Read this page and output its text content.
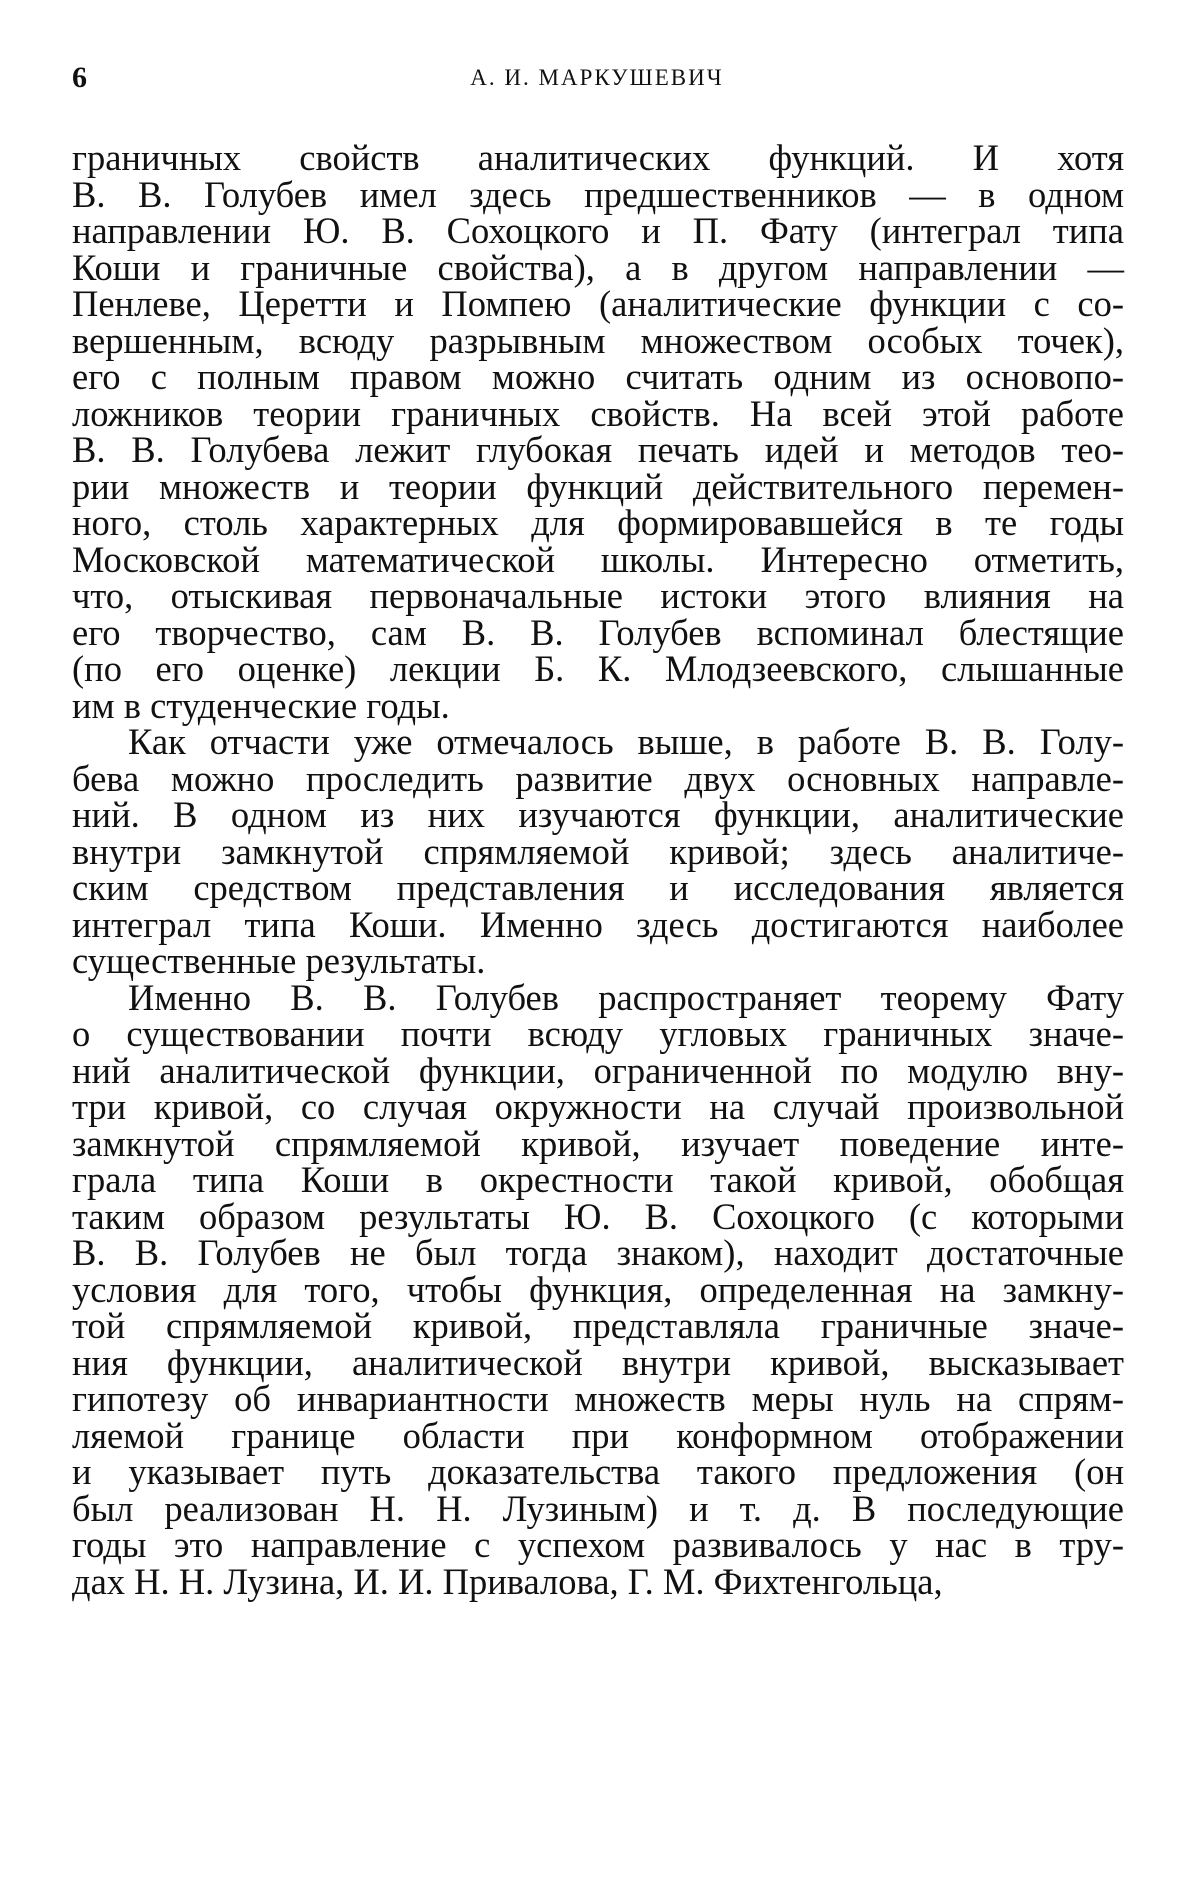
6	А. И. МАРКУШЕВИЧ
граничных свойств аналитических функций. И хотя
В. В. Голубев имел здесь предшественников — в одном
направлении Ю. В. Сохоцкого и П. Фату (интеграл типа
Коши и граничные свойства), а в другом направлении —
Пенлеве, Церетти и Помпею (аналитические функции с со-
вершенным, всюду разрывным множеством особых точек),
его с полным правом можно считать одним из основопо-
ложников теории граничных свойств. На всей этой работе
В. В. Голубева лежит глубокая печать идей и методов тео-
рии множеств и теории функций действительного перемен-
ного, столь характерных для формировавшейся в те годы
Московской математической школы. Интересно отметить,
что, отыскивая первоначальные истоки этого влияния на
его творчество, сам В. В. Голубев вспоминал блестящие
(по его оценке) лекции Б. К. Млодзеевского, слышанные
им в студенческие годы.
Как отчасти уже отмечалось выше, в работе В. В. Голу-
бева можно проследить развитие двух основных направле-
ний. В одном из них изучаются функции, аналитические
внутри замкнутой спрямляемой кривой; здесь аналитиче-
ским средством представления и исследования является
интеграл типа Коши. Именно здесь достигаются наиболее
существенные результаты.
Именно В. В. Голубев распространяет теорему Фату
о существовании почти всюду угловых граничных значе-
ний аналитической функции, ограниченной по модулю вну-
три кривой, со случая окружности на случай произвольной
замкнутой спрямляемой кривой, изучает поведение инте-
грала типа Коши в окрестности такой кривой, обобщая
таким образом результаты Ю. В. Сохоцкого (с которыми
В. В. Голубев не был тогда знаком), находит достаточные
условия для того, чтобы функция, определенная на замкну-
той спрямляемой кривой, представляла граничные значе-
ния функции, аналитической внутри кривой, высказывает
гипотезу об инвариантности множеств меры нуль на спрям-
ляемой границе области при конформном отображении
и указывает путь доказательства такого предложения (он
был реализован Н. Н. Лузиным) и т. д. В последующие
годы это направление с успехом развивалось у нас в тру-
дах Н. Н. Лузина, И. И. Привалова, Г. М. Фихтенгольца,
